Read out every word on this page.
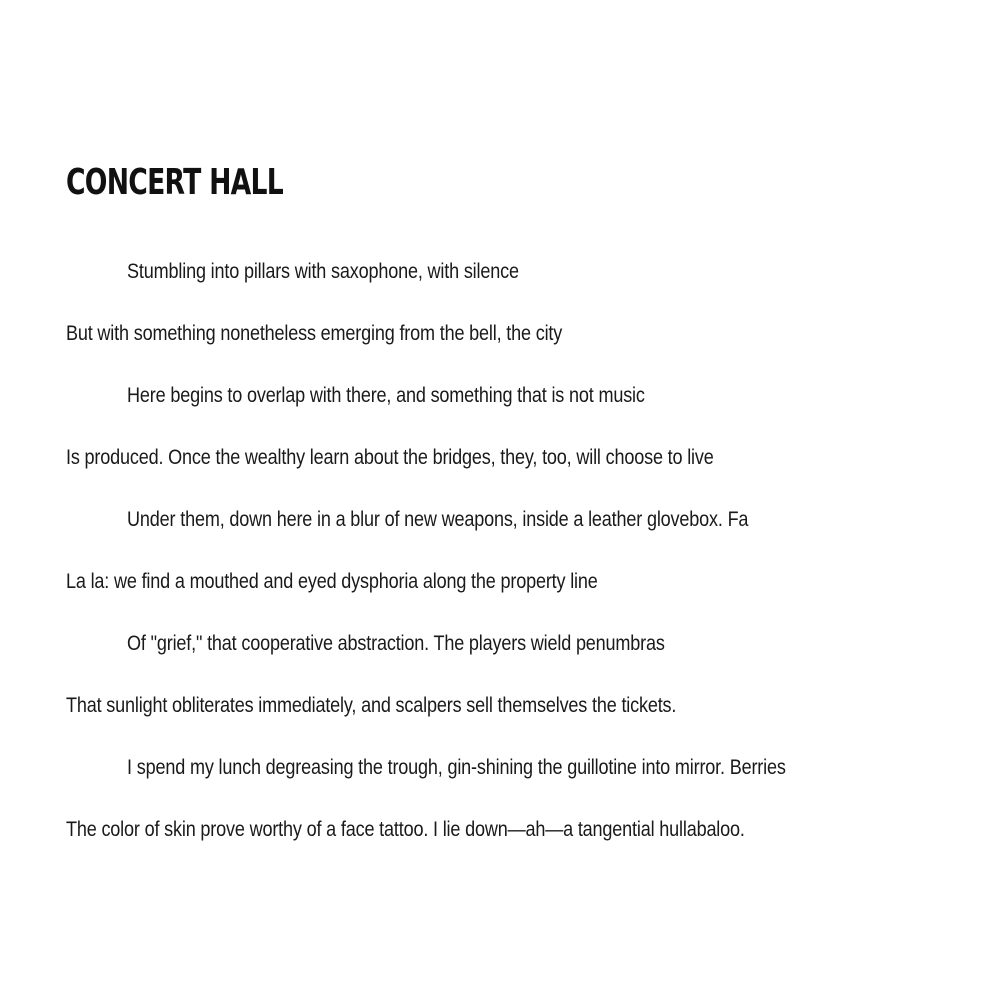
CONCERT HALL
Stumbling into pillars with saxophone, with silence
But with something nonetheless emerging from the bell, the city
Here begins to overlap with there, and something that is not music
Is produced. Once the wealthy learn about the bridges, they, too, will choose to live
Under them, down here in a blur of new weapons, inside a leather glovebox. Fa
La la: we find a mouthed and eyed dysphoria along the property line
Of "grief," that cooperative abstraction. The players wield penumbras
That sunlight obliterates immediately, and scalpers sell themselves the tickets.
I spend my lunch degreasing the trough, gin-shining the guillotine into mirror. Berries
The color of skin prove worthy of a face tattoo. I lie down—ah—a tangential hullabaloo.
